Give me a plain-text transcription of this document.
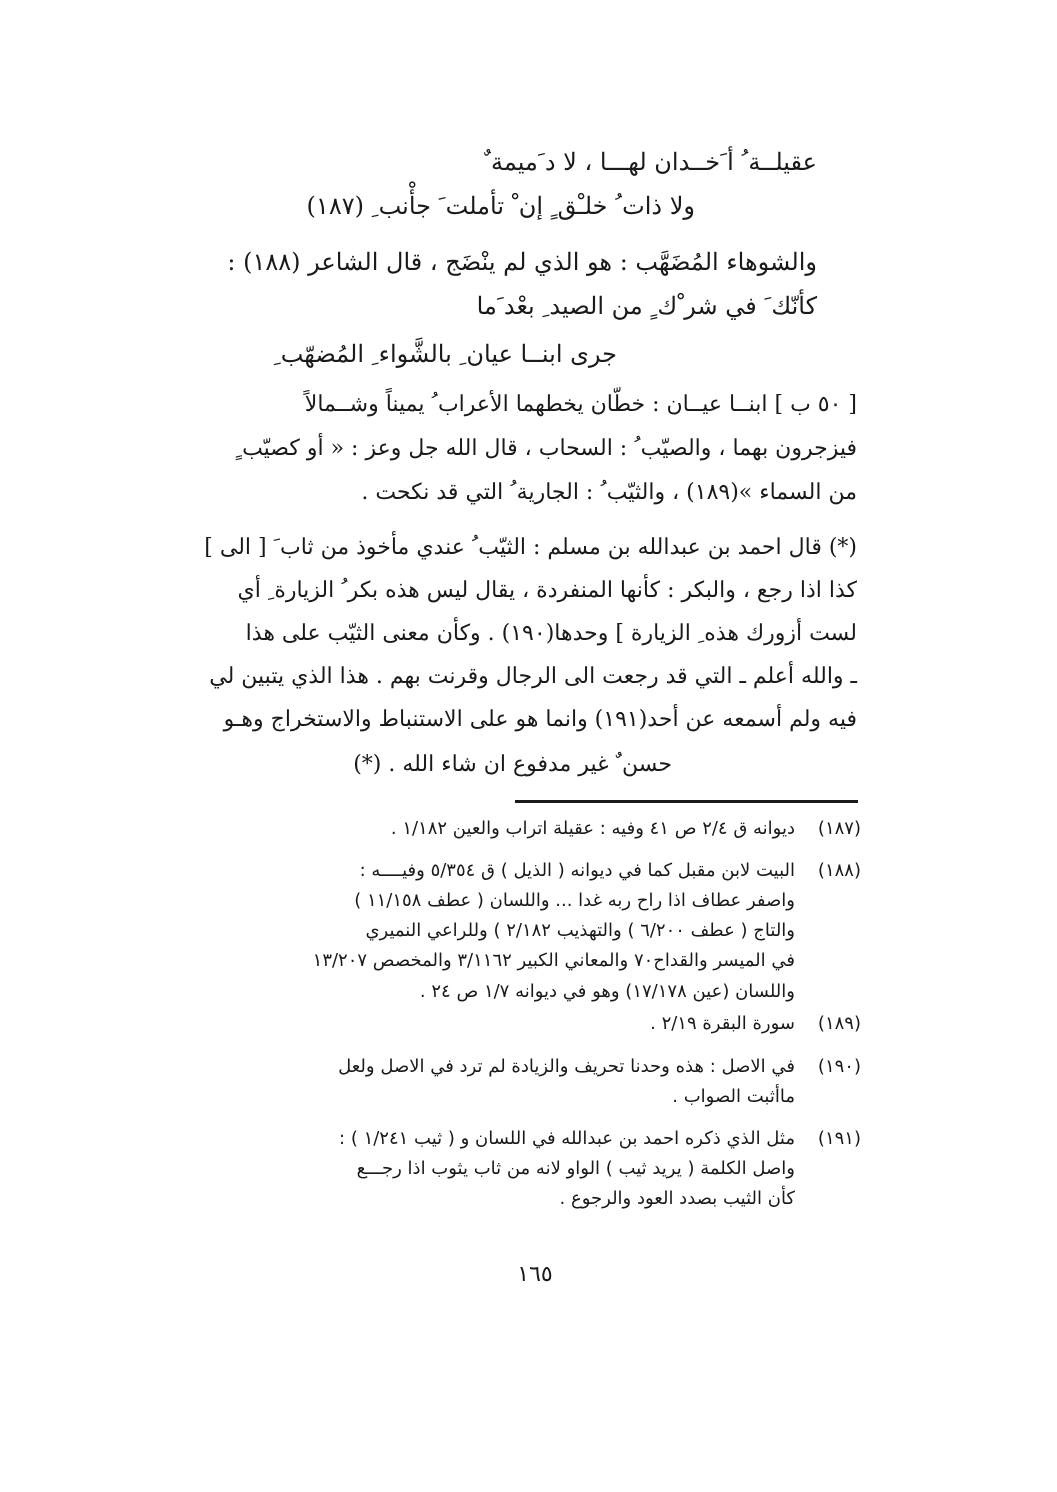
عقيلــة ُ أ َخــدان لهـــا ، لا د َميمة ٌ
ولا ذات ُ خلـْق ٍ إن ْ تأملت َ جأْنب ِ (١٨٧)
والشوهاء المُضَهَّب : هو الذي لم ينْضَج ، قال الشاعر (١٨٨) :
كأنّك َ في شر ْك ٍ من الصيد ِ بعْد َما
جرى ابنــا عيان ِ بالشَّواء ِ المُضهّب ِ
[ ٥٠ ب ] ابنــا عيــان : خطّان يخطهما الأعراب ُ يميناً وشــمالاً
فيزجرون بهما ، والصيّب ُ : السحاب ، قال الله جل وعز : « أو كصيّب ٍ
من السماء »(١٨٩) ، والثيّب ُ : الجارية ُ التي قد نكحت .
(*) قال احمد بن عبدالله بن مسلم : الثيّب ُ عندي مأخوذ من ثاب َ [ الى ]
كذا اذا رجع ، والبكر : كأنها المنفردة ، يقال ليس هذه بكر ُ الزيارة ِ أي
لست أزورك هذه ِ الزيارة ] وحدها(١٩٠) . وكأن معنى الثيّب على هذا
ـ والله أعلم ـ التي قد رجعت الى الرجال وقرنت بهم . هذا الذي يتبين لي
فيه ولم أسمعه عن أحد(١٩١) وانما هو على الاستنباط والاستخراج وهـو
حسن ٌ غير مدفوع ان شاء الله . (*)
(١٨٧)
ديوانه ق ٢/٤ ص ٤١ وفيه : عقيلة اتراب والعين ١/١٨٢ .
(١٨٨)
البيت لابن مقبل كما في ديوانه ( الذيل ) ق ٥/٣٥٤ وفيــــه :
واصفر عطاف اذا راح ربه غدا ... واللسان ( عطف ١١/١٥٨ )
والتاج ( عطف ٦/٢٠٠ ) والتهذيب ٢/١٨٢ ) وللراعي النميري
في الميسر والقداح٧٠ والمعاني الكبير ٣/١١٦٢ والمخصص ١٣/٢٠٧
واللسان (عين ١٧/١٧٨) وهو في ديوانه ١/٧ ص ٢٤ .
(١٨٩)
سورة البقرة ٢/١٩ .
(١٩٠)
في الاصل : هذه وحدنا تحريف والزيادة لم ترد في الاصل ولعل
ماأثبت الصواب .
(١٩١)
مثل الذي ذكره احمد بن عبدالله في اللسان و ( ثيب ١/٢٤١ ) :
واصل الكلمة ( يريد ثيب ) الواو لانه من ثاب يثوب اذا رجـــع
كأن الثيب بصدد العود والرجوع .
١٦٥
